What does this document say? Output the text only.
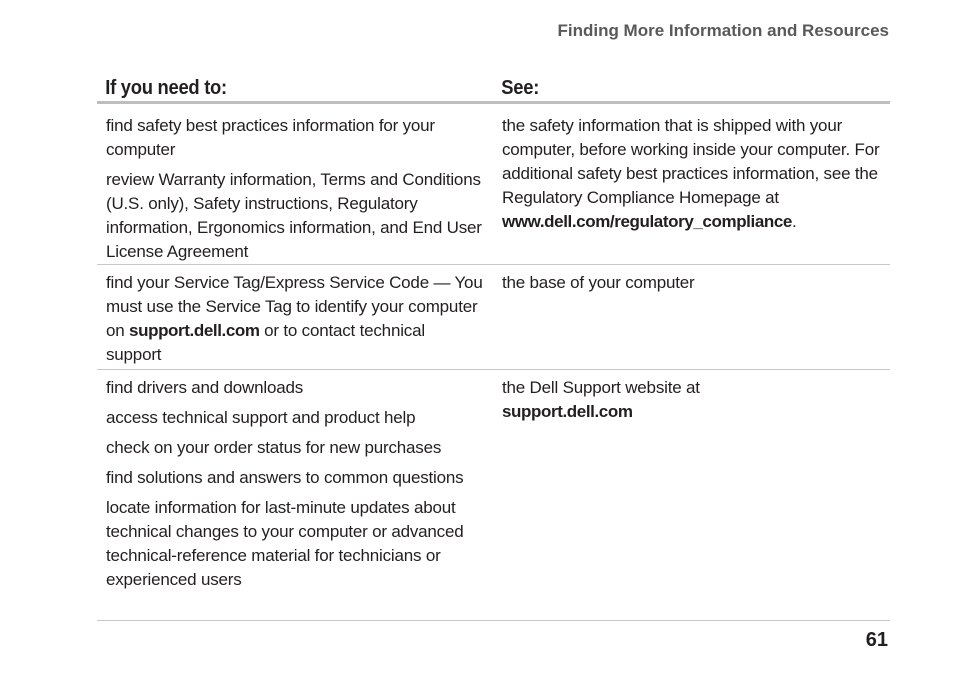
Finding More Information and Resources
If you need to:	See:

find safety best practices information for your computer

review Warranty information, Terms and Conditions (U.S. only), Safety instructions, Regulatory information, Ergonomics information, and End User License Agreement

the safety information that is shipped with your computer, before working inside your computer. For additional safety best practices information, see the Regulatory Compliance Homepage at www.dell.com/regulatory_compliance.

find your Service Tag/Express Service Code — You must use the Service Tag to identify your computer on support.dell.com or to contact technical support

the base of your computer

find drivers and downloads

access technical support and product help

check on your order status for new purchases

find solutions and answers to common questions

locate information for last-minute updates about technical changes to your computer or advanced technical-reference material for technicians or experienced users

the Dell Support website at
support.dell.com

61
